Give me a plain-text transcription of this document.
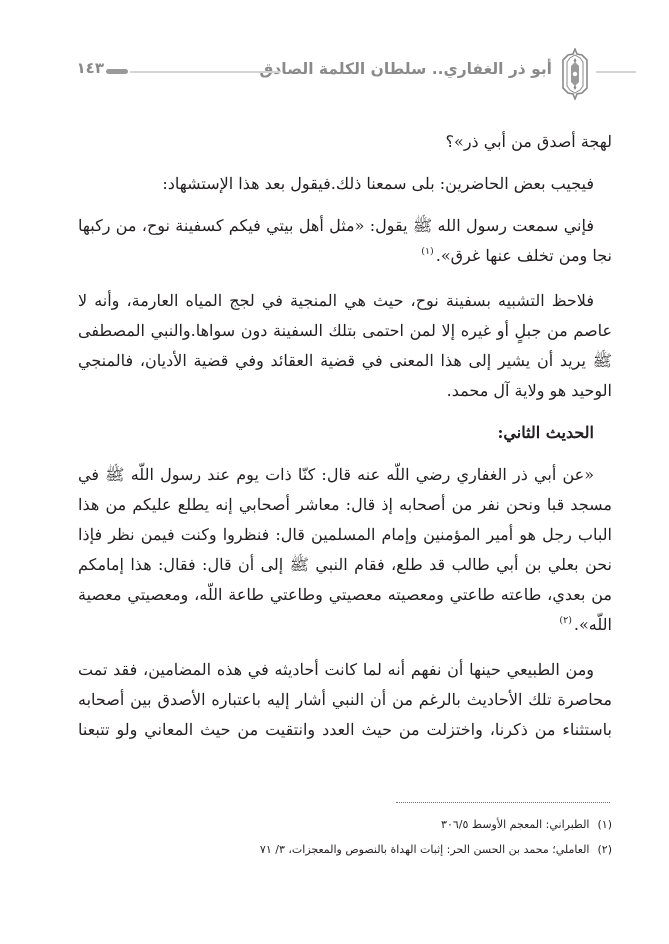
أبو ذر الغفاري.. سلطان الكلمة الصادق
١٤٣

لهجة أصدق من أبي ذر»؟

فيجيب بعض الحاضرين: بلى سمعنا ذلك.فيقول بعد هذا الإستشهاد:

فإني سمعت رسول الله ﷺ يقول: «مثل أهل بيتي فيكم كسفينة نوح، من ركبها نجا ومن تخلف عنها غرق».$^{(١)}$

فلاحظ التشبيه بسفينة نوح، حيث هي المنجية في لجج المياه العارمة، وأنه لا عاصم من جبلٍ أو غيره إلا لمن احتمى بتلك السفينة دون سواها.والنبي المصطفى ﷺ يريد أن يشير إلى هذا المعنى في قضية العقائد وفي قضية الأديان، فالمنجي الوحيد هو ولاية آل محمد.

الحديث الثاني:

«عن أبي ذر الغفاري رضي اللّه عنه قال: كنّا ذات يوم عند رسول اللّه ﷺ في مسجد قبا ونحن نفر من أصحابه إذ قال: معاشر أصحابي إنه يطلع عليكم من هذا الباب رجل هو أمير المؤمنين وإمام المسلمين قال: فنظروا وكنت فيمن نظر فإذا نحن بعلي بن أبي طالب قد طلع، فقام النبي ﷺ إلى أن قال: فقال: هذا إمامكم من بعدي، طاعته طاعتي ومعصيته معصيتي وطاعتي طاعة اللّه، ومعصيتي معصية اللّه».$^{(٢)}$

ومن الطبيعي حينها أن نفهم أنه لما كانت أحاديثه في هذه المضامين، فقد تمت محاصرة تلك الأحاديث بالرغم من أن النبي أشار إليه باعتباره الأصدق بين أصحابه باستثناء من ذكرنا، واختزلت من حيث العدد وانتقيت من حيث المعاني ولو تتبعنا

(١)الطبراني: المعجم الأوسط ٣٠٦/٥
(٢)العاملي؛ محمد بن الحسن الحر: إثبات الهداة بالنصوص والمعجزات، ٣/ ٧١
